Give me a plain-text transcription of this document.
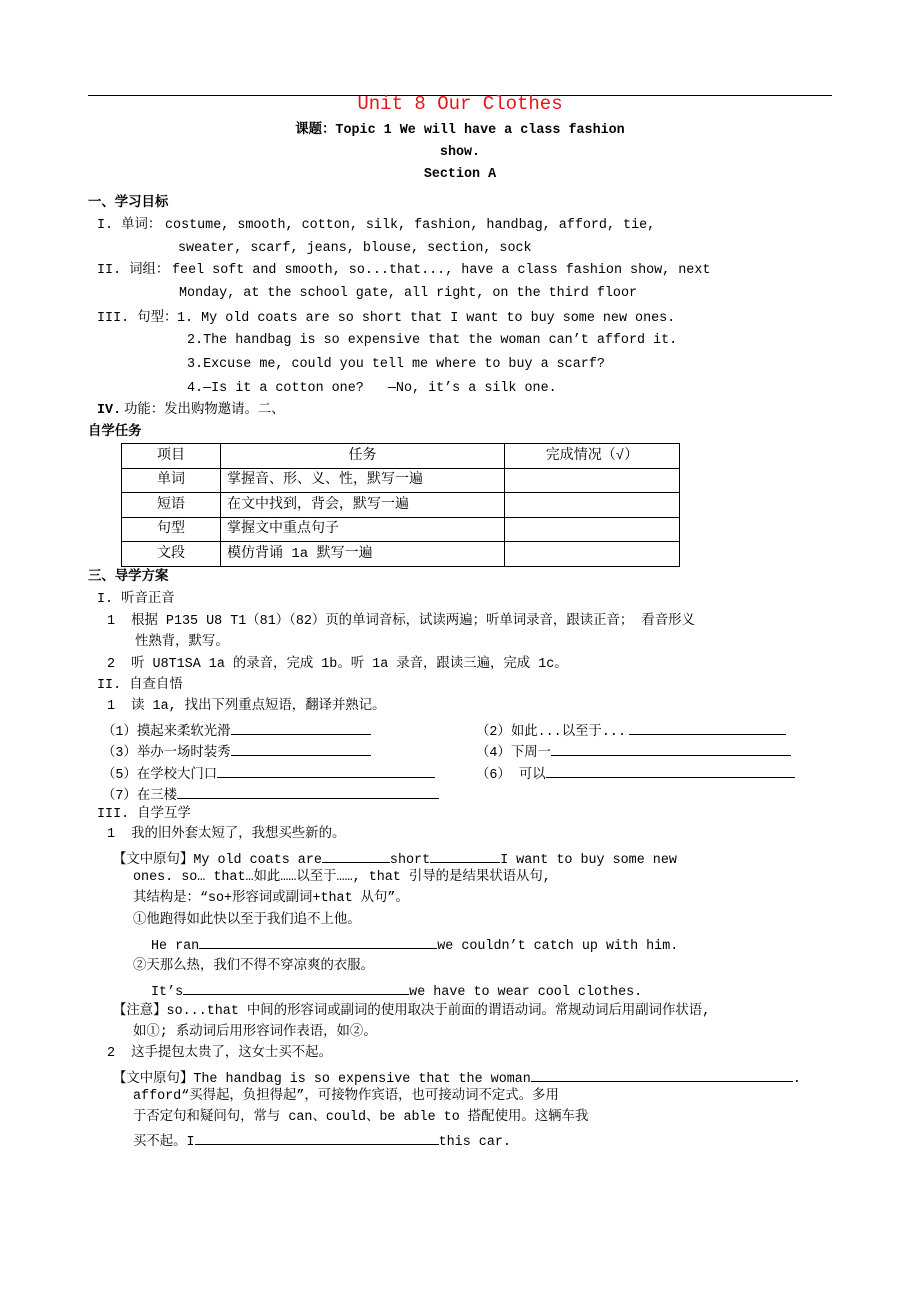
Unit 8 Our Clothes
课题：Topic 1 We will have a class fashion
show.
Section A
一、学习目标
I. 单词： costume, smooth, cotton, silk, fashion, handbag, afford, tie,
sweater, scarf, jeans, blouse, section, sock
II. 词组： feel soft and smooth, so...that..., have a class fashion show, next
Monday, at the school gate, all right, on the third floor
III. 句型： 1. My old coats are so short that I want to buy some new ones.
2.The handbag is so expensive that the woman can’t afford it.
3.Excuse me, could you tell me where to buy a scarf?
4.—Is it a cotton one?   —No, it’s a silk one.
IV. 功能：发出购物邀请。二、
自学任务
项目	任务	完成情况（√）
单词	掌握音、形、义、性，默写一遍	
短语	在文中找到，背会，默写一遍	
句型	掌握文中重点句子	
文段	模仿背诵 1a 默写一遍	
三、导学方案
I. 听音正音
1  根据 P135 U8 T1（81）（82）页的单词音标，试读两遍；听单词录音，跟读正音； 看音形义
性熟背，默写。
2  听 U8T1SA 1a 的录音，完成 1b。听 1a 录音，跟读三遍，完成 1c。
II. 自查自悟
1  读 1a, 找出下列重点短语，翻译并熟记。
（1）摸起来柔软光滑	（2）如此...以至于...
（3）举办一场时装秀	（4）下周一
（5）在学校大门口	（6） 可以
（7）在三楼
III. 自学互学
1  我的旧外套太短了，我想买些新的。
【文中原句】My old coats are	short	I want to buy some new
ones. so… that…如此……以至于……, that 引导的是结果状语从句,
其结构是：“so+形容词或副词+that 从句”。
①他跑得如此快以至于我们追不上他。
He ran	we couldn’t catch up with him.
②天那么热，我们不得不穿凉爽的衣服。
It’s	we have to wear cool clothes.
【注意】so...that 中间的形容词或副词的使用取决于前面的谓语动词。常规动词后用副词作状语,
如①; 系动词后用形容词作表语，如②。
2  这手提包太贵了，这女士买不起。
【文中原句】The handbag is so expensive that the woman	.
afford“买得起，负担得起”，可接物作宾语，也可接动词不定式。多用
于否定句和疑问句，常与 can、could、be able to 搭配使用。这辆车我
买不起。I	this car.
